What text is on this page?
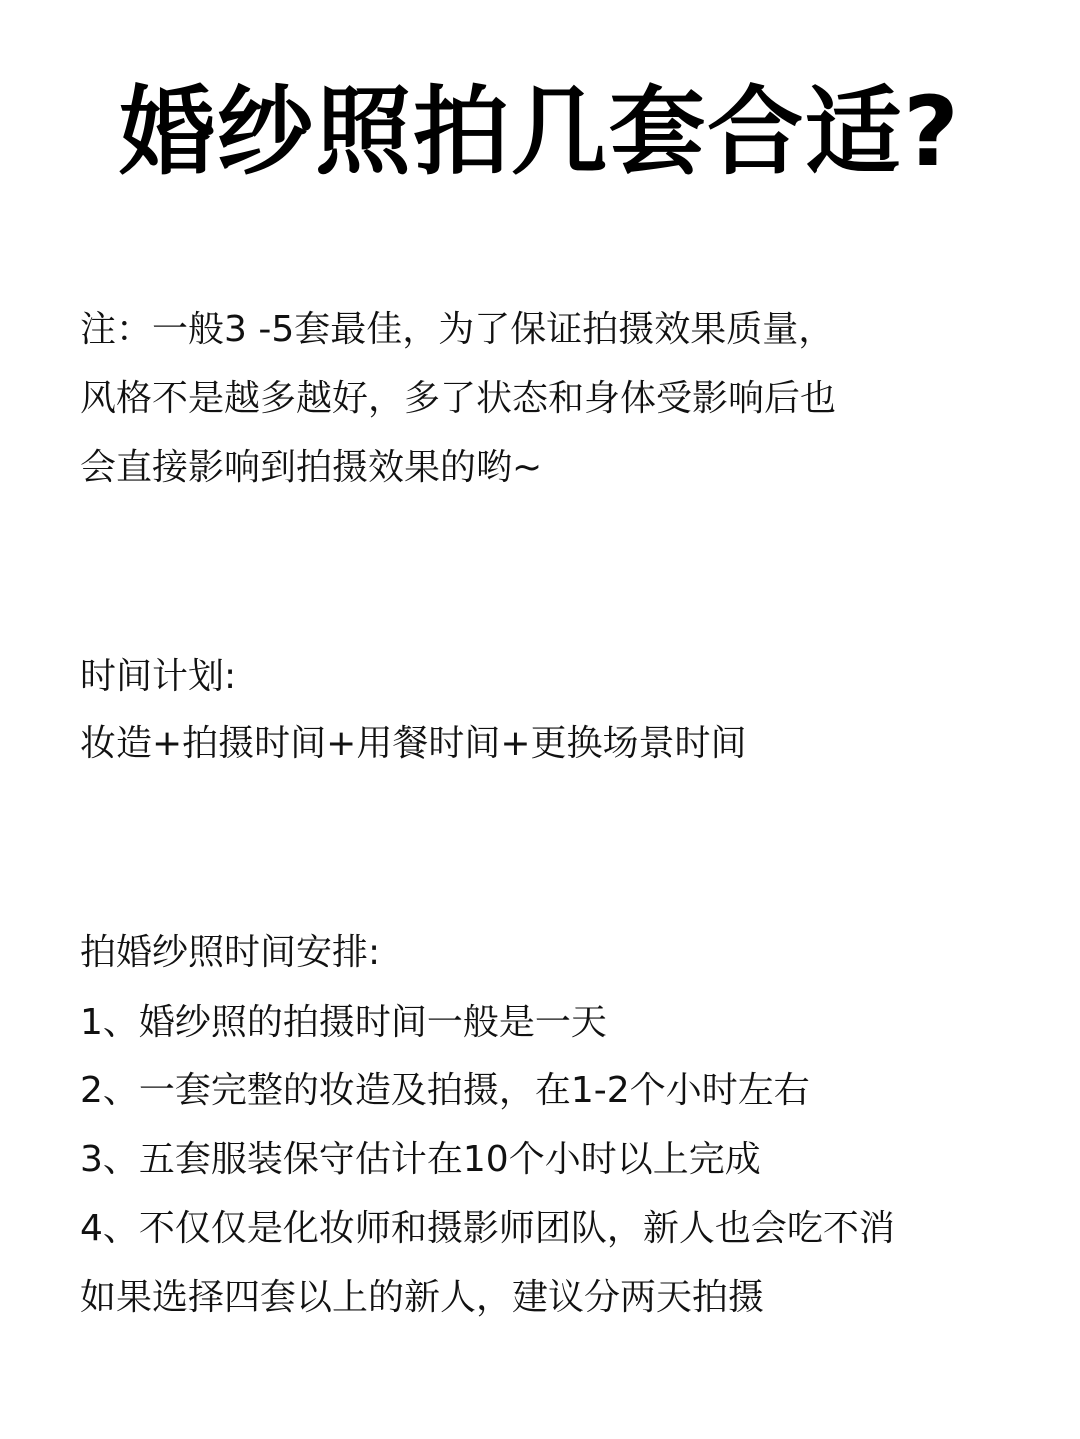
婚纱照拍几套合适?
注：一般3 -5套最佳，为了保证拍摄效果质量，
风格不是越多越好，多了状态和身体受影响后也
会直接影响到拍摄效果的哟~
时间计划:
妆造+拍摄时间+用餐时间+更换场景时间
拍婚纱照时间安排:
1、婚纱照的拍摄时间一般是一天
2、一套完整的妆造及拍摄，在1-2个小时左右
3、五套服装保守估计在10个小时以上完成
4、不仅仅是化妆师和摄影师团队，新人也会吃不消
如果选择四套以上的新人，建议分两天拍摄
